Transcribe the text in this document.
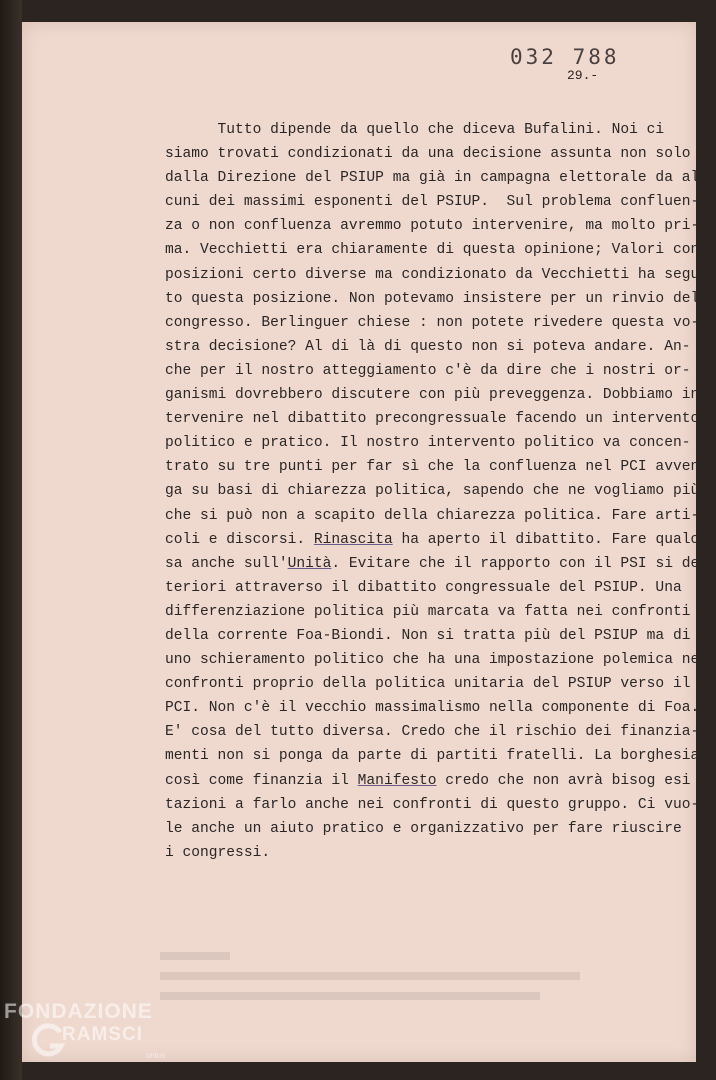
032 788
29.-
Tutto dipende da quello che diceva Bufalini. Noi ci
siamo trovati condizionati da una decisione assunta non solo
dalla Direzione del PSIUP ma già in campagna elettorale da al
cuni dei massimi esponenti del PSIUP.  Sul problema confluen-
za o non confluenza avremmo potuto intervenire, ma molto pri-
ma. Vecchietti era chiaramente di questa opinione; Valori con
posizioni certo diverse ma condizionato da Vecchietti ha segui
to questa posizione. Non potevamo insistere per un rinvio del
congresso. Berlinguer chiese : non potete rivedere questa vo-
stra decisione? Al di là di questo non si poteva andare. An-
che per il nostro atteggiamento c'è da dire che i nostri or-
ganismi dovrebbero discutere con più preveggenza. Dobbiamo in
tervenire nel dibattito precongressuale facendo un intervento
politico e pratico. Il nostro intervento politico va concen-
trato su tre punti per far sì che la confluenza nel PCI avven
ga su basi di chiarezza politica, sapendo che ne vogliamo più
che si può non a scapito della chiarezza politica. Fare arti-
coli e discorsi. Rinascita ha aperto il dibattito. Fare qualco
sa anche sull'Unità. Evitare che il rapporto con il PSI si de-
teriori attraverso il dibattito congressuale del PSIUP. Una
differenziazione politica più marcata va fatta nei confronti
della corrente Foa-Biondi. Non si tratta più del PSIUP ma di
uno schieramento politico che ha una impostazione polemica nei
confronti proprio della politica unitaria del PSIUP verso il
PCI. Non c'è il vecchio massimalismo nella componente di Foa.
E' cosa del tutto diversa. Credo che il rischio dei finanzia-
menti non si ponga da parte di partiti fratelli. La borghesia
così come finanzia il Manifesto credo che non avrà bisog esi
tazioni a farlo anche nei confronti di questo gruppo. Ci vuo-
le anche un aiuto pratico e organizzativo per fare riuscire
i congressi.
FONDAZIONE
RAMSCI
onlus
